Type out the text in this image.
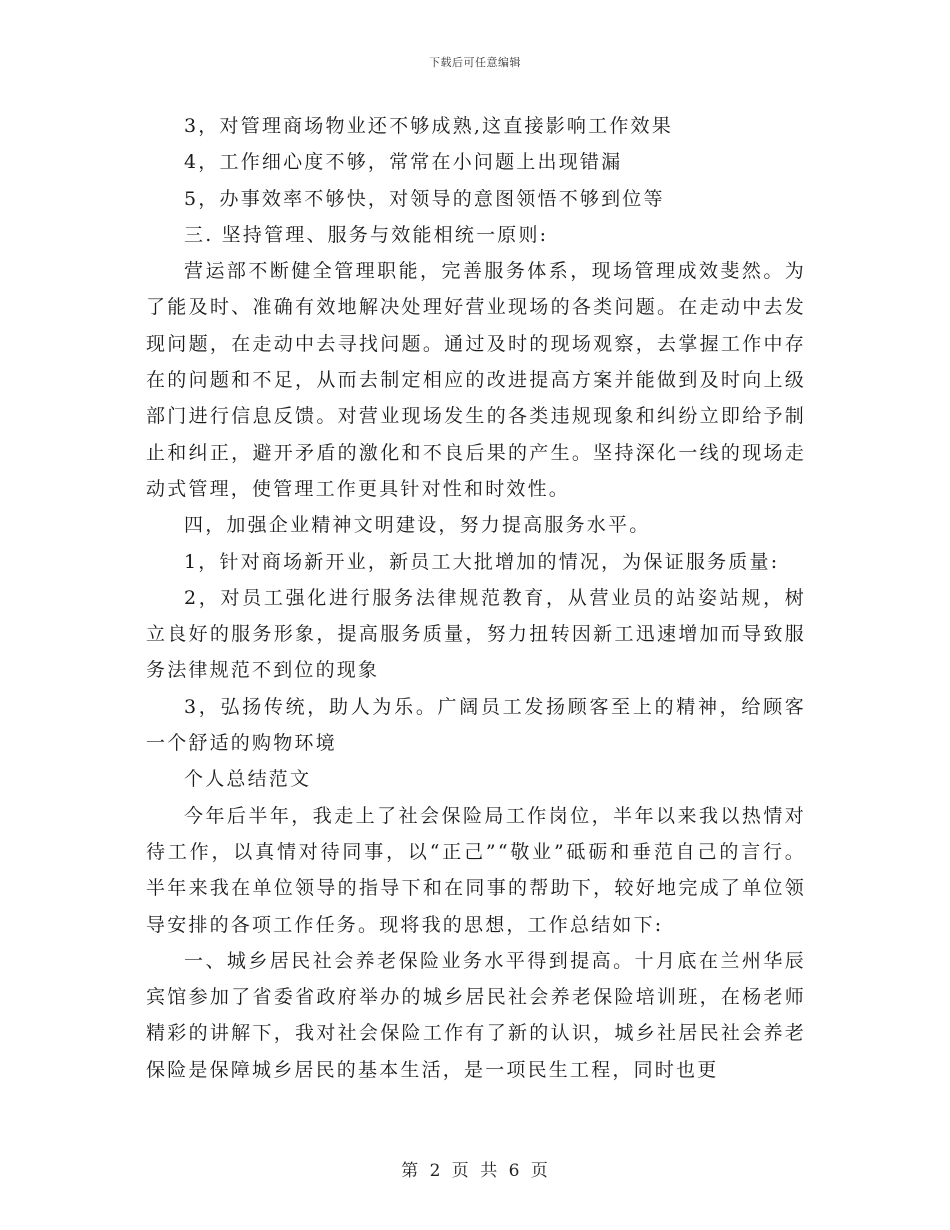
下载后可任意编辑

3，对管理商场物业还不够成熟,这直接影响工作效果

4，工作细心度不够，常常在小问题上出现错漏

5，办事效率不够快，对领导的意图领悟不够到位等

三. 坚持管理、服务与效能相统一原则:

营运部不断健全管理职能，完善服务体系，现场管理成效斐然。为了能及时、准确有效地解决处理好营业现场的各类问题。在走动中去发现问题，在走动中去寻找问题。通过及时的现场观察，去掌握工作中存在的问题和不足，从而去制定相应的改进提高方案并能做到及时向上级部门进行信息反馈。对营业现场发生的各类违规现象和纠纷立即给予制止和纠正，避开矛盾的激化和不良后果的产生。坚持深化一线的现场走动式管理，使管理工作更具针对性和时效性。

四，加强企业精神文明建设，努力提高服务水平。

1，针对商场新开业，新员工大批增加的情况，为保证服务质量:

2，对员工强化进行服务法律规范教育，从营业员的站姿站规，树立良好的服务形象，提高服务质量，努力扭转因新工迅速增加而导致服务法律规范不到位的现象

3，弘扬传统，助人为乐。广阔员工发扬顾客至上的精神，给顾客一个舒适的购物环境

个人总结范文

今年后半年，我走上了社会保险局工作岗位，半年以来我以热情对待工作，以真情对待同事，以“正己”“敬业”砥砺和垂范自己的言行。半年来我在单位领导的指导下和在同事的帮助下，较好地完成了单位领导安排的各项工作任务。现将我的思想，工作总结如下:

一、城乡居民社会养老保险业务水平得到提高。十月底在兰州华辰宾馆参加了省委省政府举办的城乡居民社会养老保险培训班，在杨老师精彩的讲解下，我对社会保险工作有了新的认识，城乡社居民社会养老保险是保障城乡居民的基本生活，是一项民生工程，同时也更

第 2 页 共 6 页
